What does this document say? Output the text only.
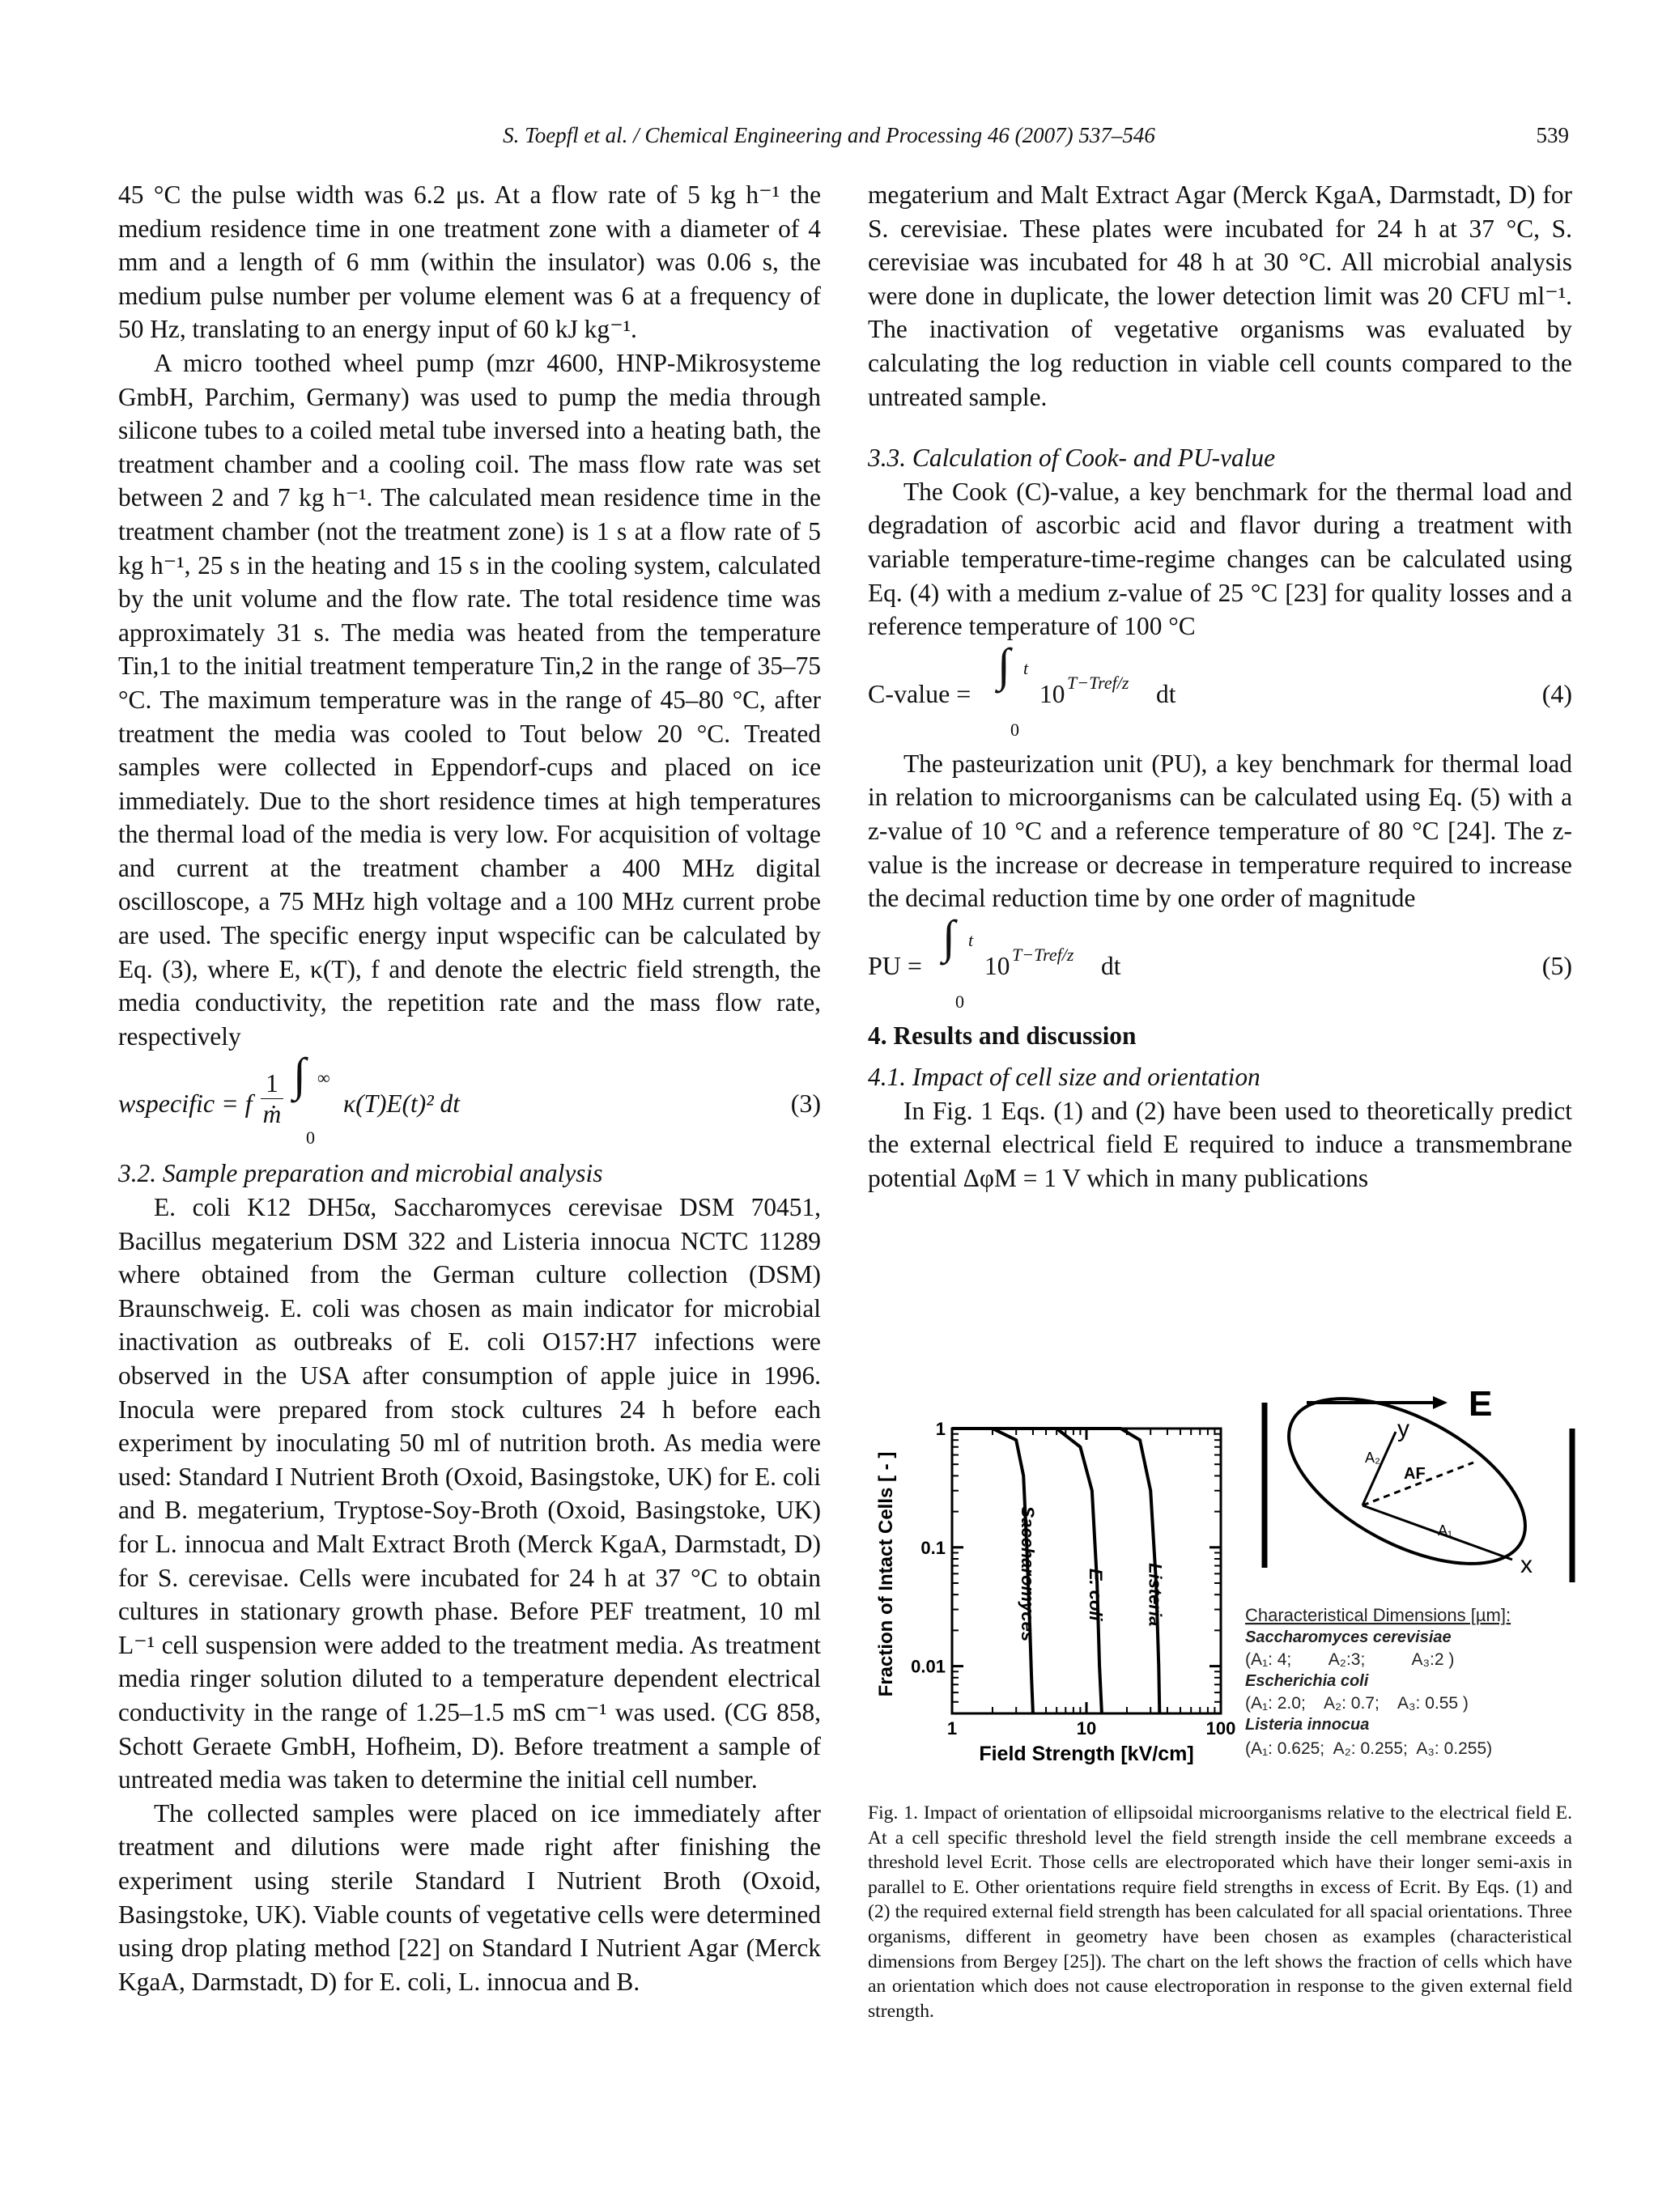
S. Toepfl et al. / Chemical Engineering and Processing 46 (2007) 537–546	539

45 °C the pulse width was 6.2 μs. At a flow rate of 5 kg h⁻¹ the medium residence time in one treatment zone with a diameter of 4 mm and a length of 6 mm (within the insulator) was 0.06 s, the medium pulse number per volume element was 6 at a frequency of 50 Hz, translating to an energy input of 60 kJ kg⁻¹.

A micro toothed wheel pump (mzr 4600, HNP-Mikrosysteme GmbH, Parchim, Germany) was used to pump the media through silicone tubes to a coiled metal tube inversed into a heating bath, the treatment chamber and a cooling coil. The mass flow rate was set between 2 and 7 kg h⁻¹. The calculated mean residence time in the treatment chamber (not the treatment zone) is 1 s at a flow rate of 5 kg h⁻¹, 25 s in the heating and 15 s in the cooling system, calculated by the unit volume and the flow rate. The total residence time was approximately 31 s. The media was heated from the temperature Tin,1 to the initial treatment temperature Tin,2 in the range of 35–75 °C. The maximum temperature was in the range of 45–80 °C, after treatment the media was cooled to Tout below 20 °C. Treated samples were collected in Eppendorf-cups and placed on ice immediately. Due to the short residence times at high temperatures the thermal load of the media is very low. For acquisition of voltage and current at the treatment chamber a 400 MHz digital oscilloscope, a 75 MHz high voltage and a 100 MHz current probe are used. The specific energy input wspecific can be calculated by Eq. (3), where E, κ(T), f and denote the electric field strength, the media conductivity, the repetition rate and the mass flow rate, respectively

wspecific = f
1
ṁ
∫ ∞
0
κ(T)E(t)² dt	(3)

3.2. Sample preparation and microbial analysis

E. coli K12 DH5α, Saccharomyces cerevisae DSM 70451, Bacillus megaterium DSM 322 and Listeria innocua NCTC 11289 where obtained from the German culture collection (DSM) Braunschweig. E. coli was chosen as main indicator for microbial inactivation as outbreaks of E. coli O157:H7 infections were observed in the USA after consumption of apple juice in 1996. Inocula were prepared from stock cultures 24 h before each experiment by inoculating 50 ml of nutrition broth. As media were used: Standard I Nutrient Broth (Oxoid, Basingstoke, UK) for E. coli and B. megaterium, Tryptose-Soy-Broth (Oxoid, Basingstoke, UK) for L. innocua and Malt Extract Broth (Merck KgaA, Darmstadt, D) for S. cerevisae. Cells were incubated for 24 h at 37 °C to obtain cultures in stationary growth phase. Before PEF treatment, 10 ml L⁻¹ cell suspension were added to the treatment media. As treatment media ringer solution diluted to a temperature dependent electrical conductivity in the range of 1.25–1.5 mS cm⁻¹ was used. (CG 858, Schott Geraete GmbH, Hofheim, D). Before treatment a sample of untreated media was taken to determine the initial cell number.

The collected samples were placed on ice immediately after treatment and dilutions were made right after finishing the experiment using sterile Standard I Nutrient Broth (Oxoid, Basingstoke, UK). Viable counts of vegetative cells were determined using drop plating method [22] on Standard I Nutrient Agar (Merck KgaA, Darmstadt, D) for E. coli, L. innocua and B.

megaterium and Malt Extract Agar (Merck KgaA, Darmstadt, D) for S. cerevisiae. These plates were incubated for 24 h at 37 °C, S. cerevisiae was incubated for 48 h at 30 °C. All microbial analysis were done in duplicate, the lower detection limit was 20 CFU ml⁻¹. The inactivation of vegetative organisms was evaluated by calculating the log reduction in viable cell counts compared to the untreated sample.

3.3. Calculation of Cook- and PU-value

The Cook (C)-value, a key benchmark for the thermal load and degradation of ascorbic acid and flavor during a treatment with variable temperature-time-regime changes can be calculated using Eq. (4) with a medium z-value of 25 °C [23] for quality losses and a reference temperature of 100 °C

C-value =
∫ t
0
10 T−Tref/z dt	(4)

The pasteurization unit (PU), a key benchmark for thermal load in relation to microorganisms can be calculated using Eq. (5) with a z-value of 10 °C and a reference temperature of 80 °C [24]. The z-value is the increase or decrease in temperature required to increase the decimal reduction time by one order of magnitude

PU =
∫ t
0
10 T−Tref/z dt	(5)

4. Results and discussion

4.1. Impact of cell size and orientation

In Fig. 1 Eqs. (1) and (2) have been used to theoretically predict the external electrical field E required to induce a transmembrane potential ΔφM = 1 V which in many publications

1
0.1
0.01
1	10	100
Saccharomyces	E. coli Listeria
Fraction of Intact Cells [ - ]
Field Strength [kV/cm]
E
y
x
A₂
AF
A₁
Characteristical Dimensions [µm]:
Saccharomyces cerevisiae
(A₁: 4;        A₂:3;          A₃:2 )
Escherichia coli
(A₁: 2.0;    A₂: 0.7;    A₃: 0.55 )
Listeria innocua
(A₁: 0.625;  A₂: 0.255;  A₃: 0.255)

Fig. 1. Impact of orientation of ellipsoidal microorganisms relative to the electrical field E. At a cell specific threshold level the field strength inside the cell membrane exceeds a threshold level Ecrit. Those cells are electroporated which have their longer semi-axis in parallel to E. Other orientations require field strengths in excess of Ecrit. By Eqs. (1) and (2) the required external field strength has been calculated for all spacial orientations. Three organisms, different in geometry have been chosen as examples (characteristical dimensions from Bergey [25]). The chart on the left shows the fraction of cells which have an orientation which does not cause electroporation in response to the given external field strength.
